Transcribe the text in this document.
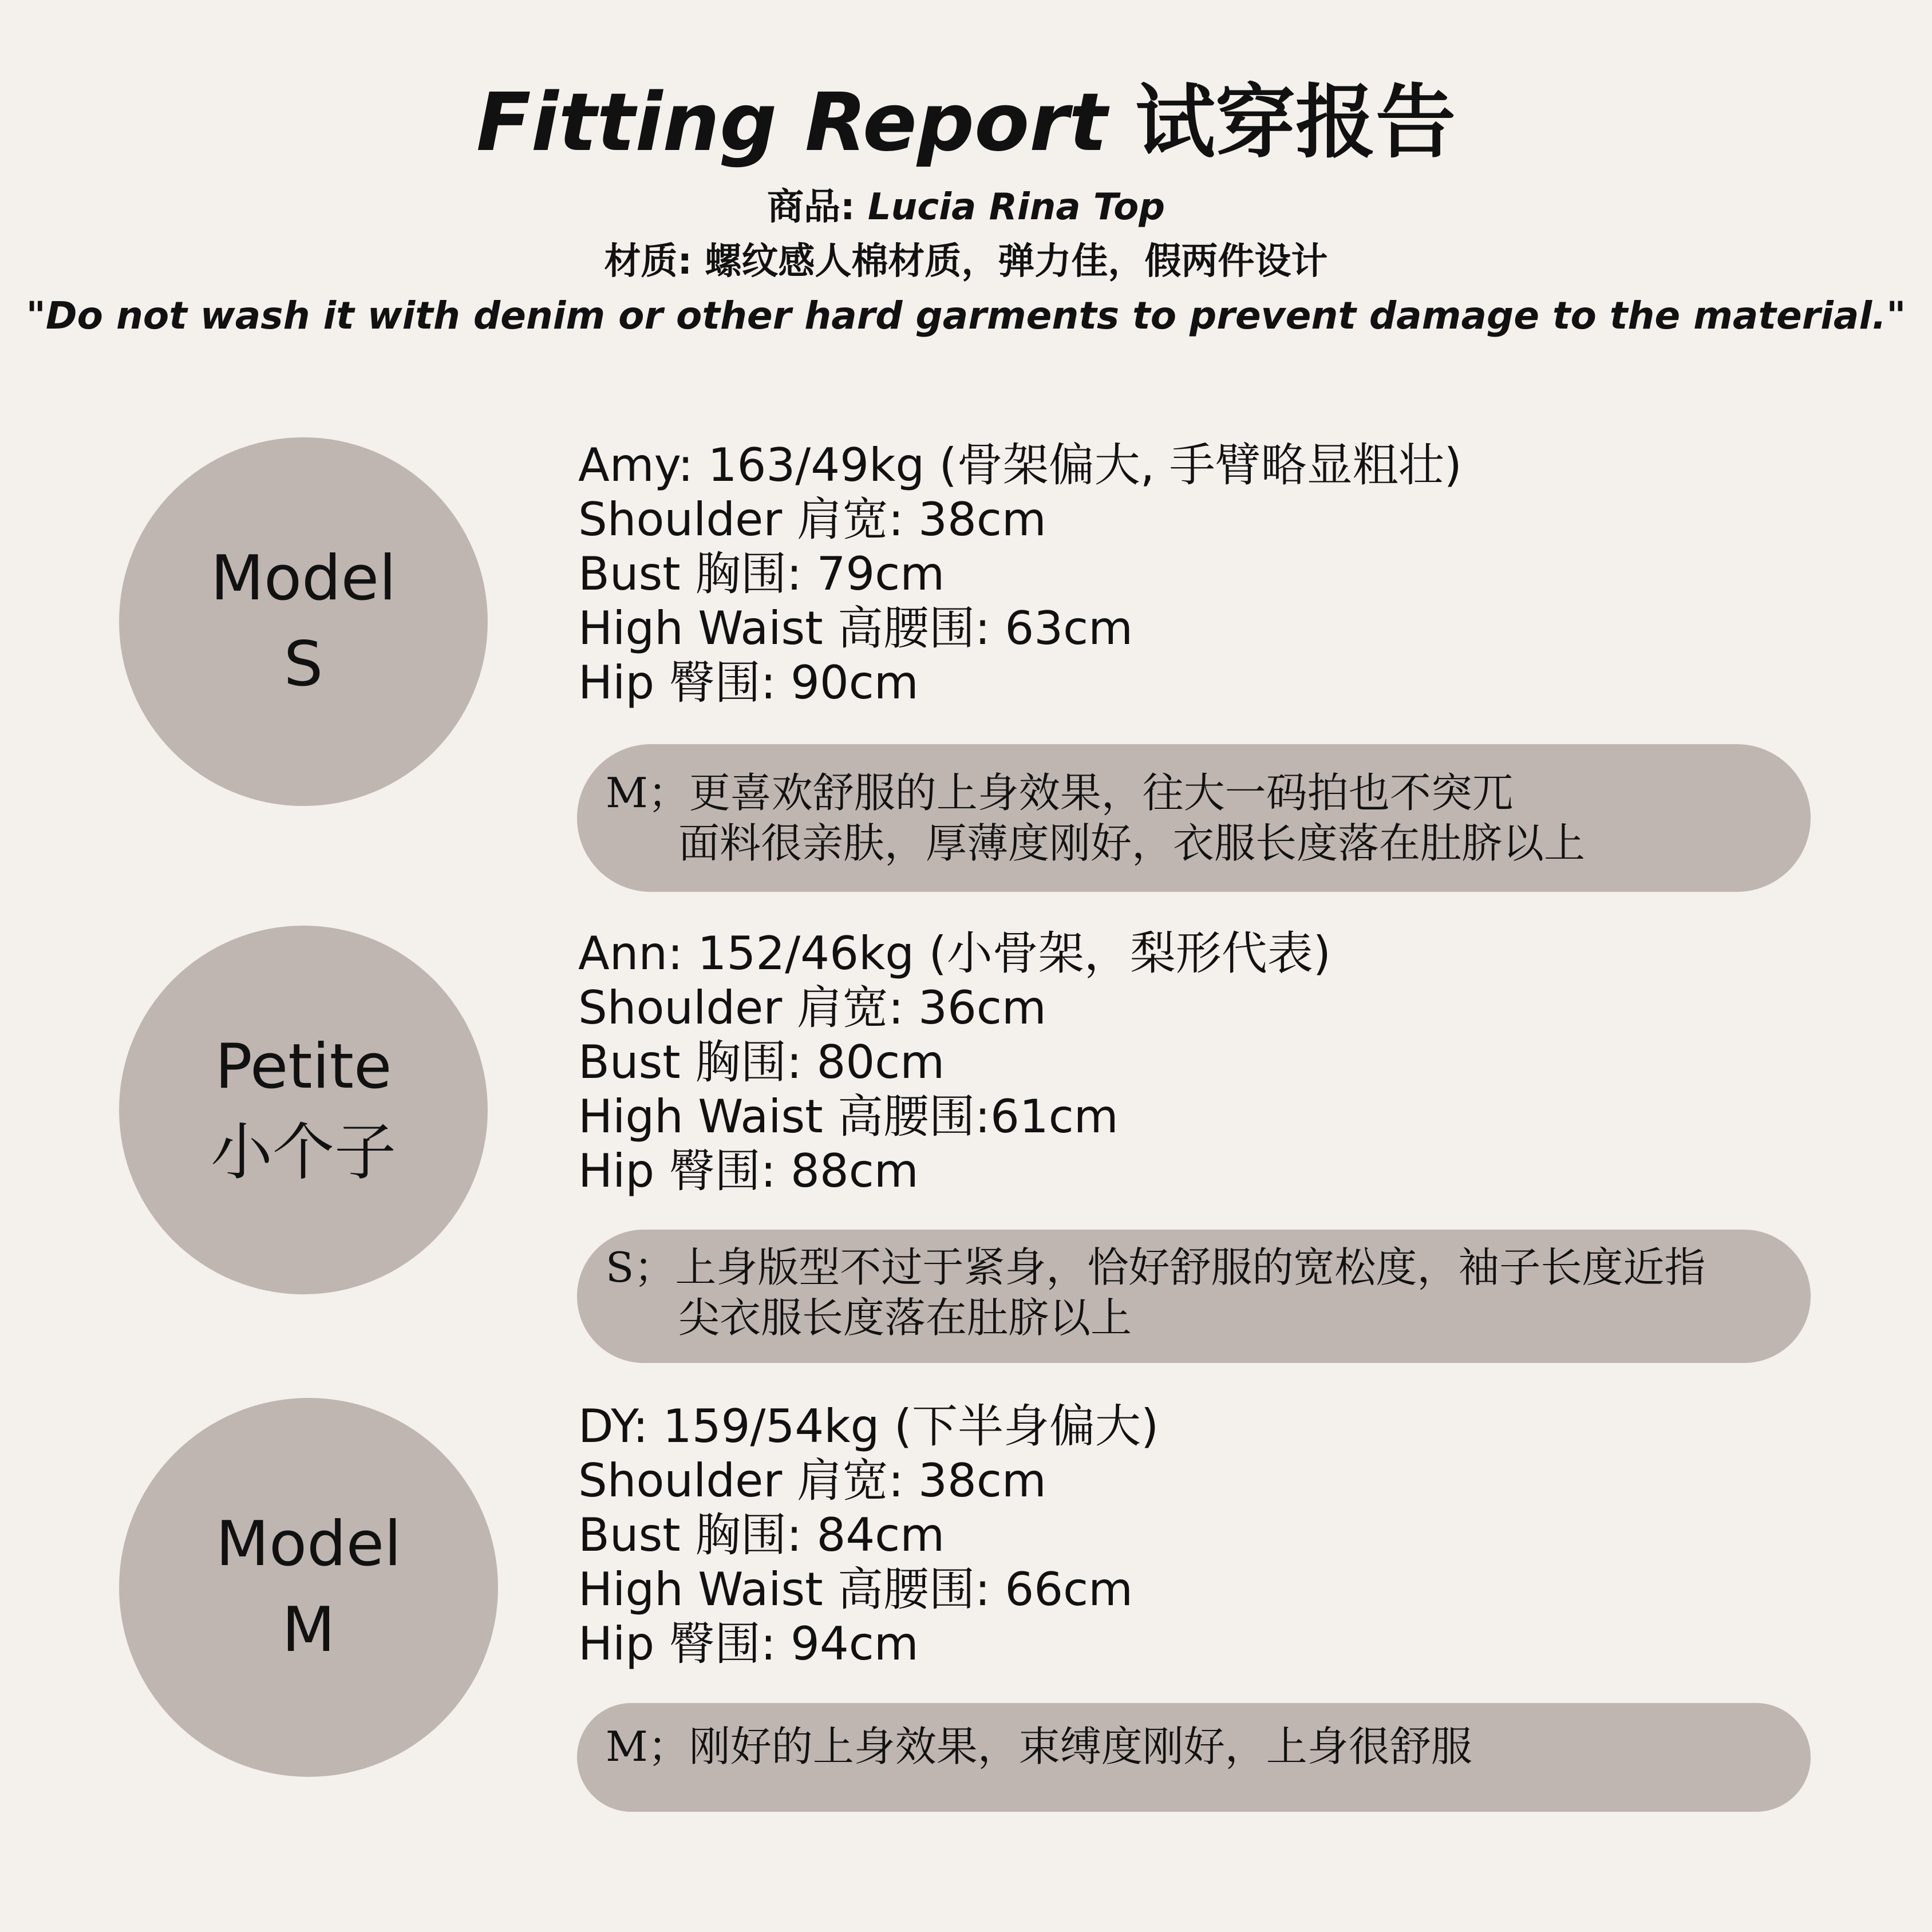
Fitting Report 试穿报告
商品: Lucia Rina Top
材质: 螺纹感人棉材质，弹力佳，假两件设计
"Do not wash it with denim or other hard garments to prevent damage to the material."
Model
S
Amy: 163/49kg (骨架偏大, 手臂略显粗壮)
Shoulder 肩宽: 38cm
Bust 胸围: 79cm
High Waist 高腰围: 63cm
Hip 臀围: 90cm
M；更喜欢舒服的上身效果，往大一码拍也不突兀
面料很亲肤，厚薄度刚好，衣服长度落在肚脐以上
Petite
小个子
Ann: 152/46kg (小骨架，梨形代表)
Shoulder 肩宽: 36cm
Bust 胸围: 80cm
High Waist 高腰围:61cm
Hip 臀围: 88cm
S；上身版型不过于紧身，恰好舒服的宽松度，袖子长度近指
尖衣服长度落在肚脐以上
Model
M
DY: 159/54kg (下半身偏大)
Shoulder 肩宽: 38cm
Bust 胸围: 84cm
High Waist 高腰围: 66cm
Hip 臀围: 94cm
M；刚好的上身效果，束缚度刚好，上身很舒服
